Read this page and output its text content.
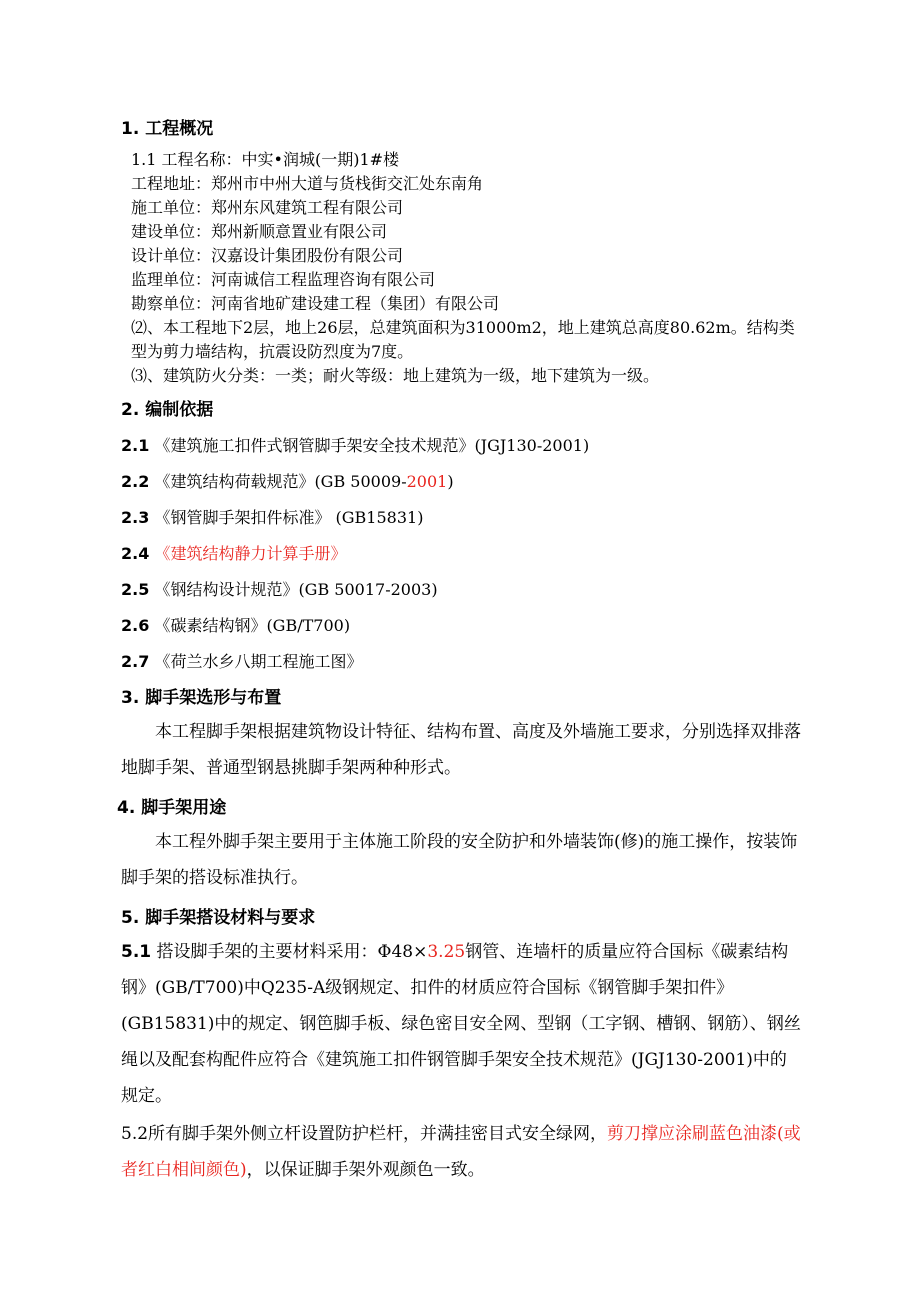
1. 工程概况
1.1 工程名称：中实•润城(一期)1#楼
工程地址：郑州市中州大道与货栈街交汇处东南角
施工单位：郑州东风建筑工程有限公司
建设单位：郑州新顺意置业有限公司
设计单位：汉嘉设计集团股份有限公司
监理单位：河南诚信工程监理咨询有限公司
勘察单位：河南省地矿建设建工程（集团）有限公司
⑵、本工程地下2层，地上26层，总建筑面积为31000m2，地上建筑总高度80.62m。结构类型为剪力墙结构，抗震设防烈度为7度。
⑶、建筑防火分类：一类；耐火等级：地上建筑为一级，地下建筑为一级。
2. 编制依据
2.1 《建筑施工扣件式钢管脚手架安全技术规范》(JGJ130-2001)
2.2 《建筑结构荷载规范》(GB 50009-2001)
2.3 《钢管脚手架扣件标准》 (GB15831)
2.4 《建筑结构静力计算手册》
2.5 《钢结构设计规范》(GB 50017-2003)
2.6 《碳素结构钢》(GB/T700)
2.7 《荷兰水乡八期工程施工图》
3. 脚手架选形与布置
本工程脚手架根据建筑物设计特征、结构布置、高度及外墙施工要求，分别选择双排落地脚手架、普通型钢悬挑脚手架两种种形式。
4. 脚手架用途
本工程外脚手架主要用于主体施工阶段的安全防护和外墙装饰(修)的施工操作，按装饰脚手架的搭设标准执行。
5. 脚手架搭设材料与要求
5.1 搭设脚手架的主要材料采用：Φ48×3.25钢管、连墙杆的质量应符合国标《碳素结构钢》(GB/T700)中Q235-A级钢规定、扣件的材质应符合国标《钢管脚手架扣件》(GB15831)中的规定、钢笆脚手板、绿色密目安全网、型钢（工字钢、槽钢、钢筋）、钢丝绳以及配套构配件应符合《建筑施工扣件钢管脚手架安全技术规范》(JGJ130-2001)中的规定。
5.2所有脚手架外侧立杆设置防护栏杆，并满挂密目式安全绿网，剪刀撑应涂刷蓝色油漆(或者红白相间颜色)，以保证脚手架外观颜色一致。
